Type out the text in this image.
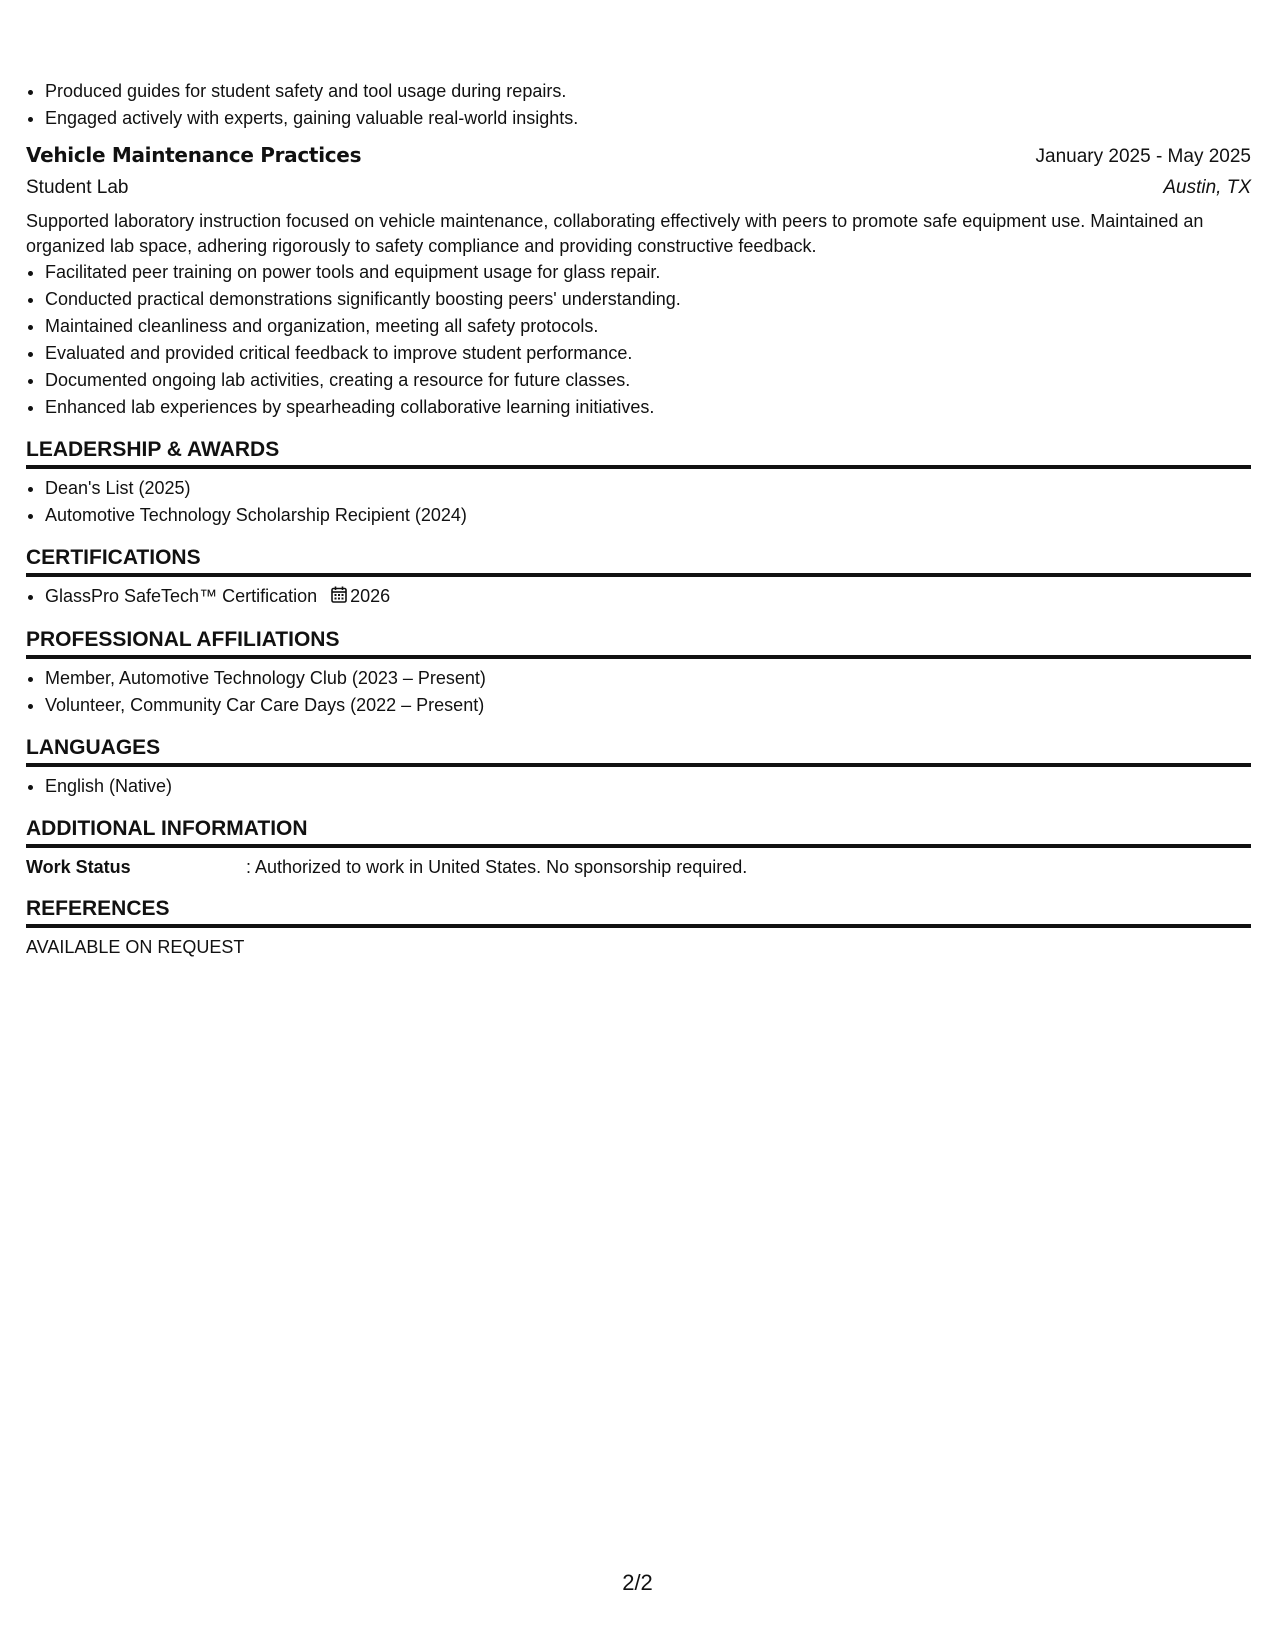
• Produced guides for student safety and tool usage during repairs.
• Engaged actively with experts, gaining valuable real-world insights.
Vehicle Maintenance Practices	January 2025 - May 2025
Student Lab	Austin, TX

Supported laboratory instruction focused on vehicle maintenance, collaborating effectively with peers to promote safe equipment use. Maintained an organized lab space, adhering rigorously to safety compliance and providing constructive feedback.

• Facilitated peer training on power tools and equipment usage for glass repair.
• Conducted practical demonstrations significantly boosting peers' understanding.
• Maintained cleanliness and organization, meeting all safety protocols.
• Evaluated and provided critical feedback to improve student performance.
• Documented ongoing lab activities, creating a resource for future classes.
• Enhanced lab experiences by spearheading collaborative learning initiatives.
LEADERSHIP & AWARDS
• Dean's List (2025)
• Automotive Technology Scholarship Recipient (2024)
CERTIFICATIONS
• GlassPro SafeTech™ Certification 2026
PROFESSIONAL AFFILIATIONS
• Member, Automotive Technology Club (2023 – Present)
• Volunteer, Community Car Care Days (2022 – Present)
LANGUAGES
• English (Native)
ADDITIONAL INFORMATION
Work Status	: Authorized to work in United States. No sponsorship required.
REFERENCES

AVAILABLE ON REQUEST

2/2
